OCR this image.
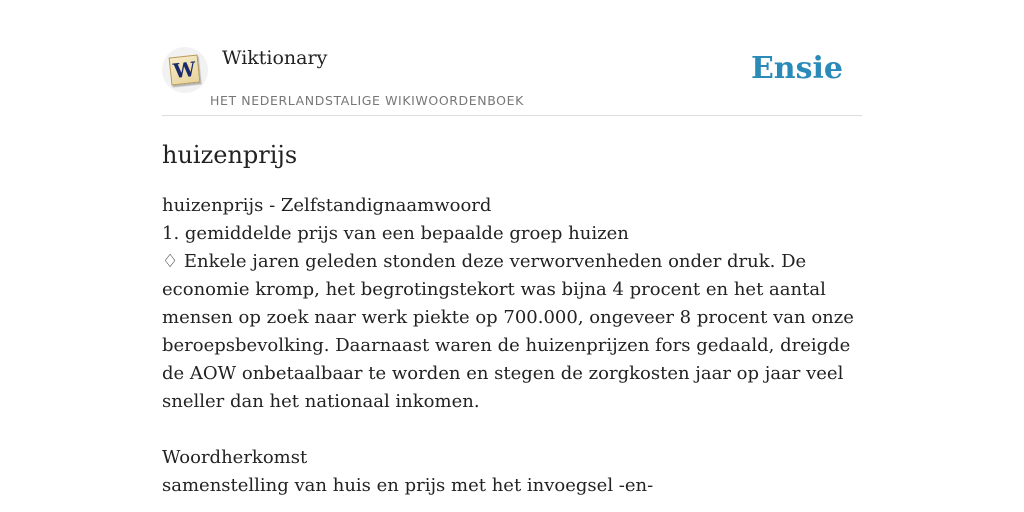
W Wiktionary
HET NEDERLANDSTALIGE WIKIWOORDENBOEK
Ensie
huizenprijs

huizenprijs - Zelfstandignaamwoord

1. gemiddelde prijs van een bepaalde groep huizen

♢ Enkele jaren geleden stonden deze verworvenheden onder druk. De economie kromp, het begrotingstekort was bijna 4 procent en het aantal mensen op zoek naar werk piekte op 700.000, ongeveer 8 procent van onze beroepsbevolking. Daarnaast waren de huizenprijzen fors gedaald, dreigde de AOW onbetaalbaar te worden en stegen de zorgkosten jaar op jaar veel sneller dan het nationaal inkomen.

Woordherkomst

samenstelling van huis en prijs met het invoegsel -en-
